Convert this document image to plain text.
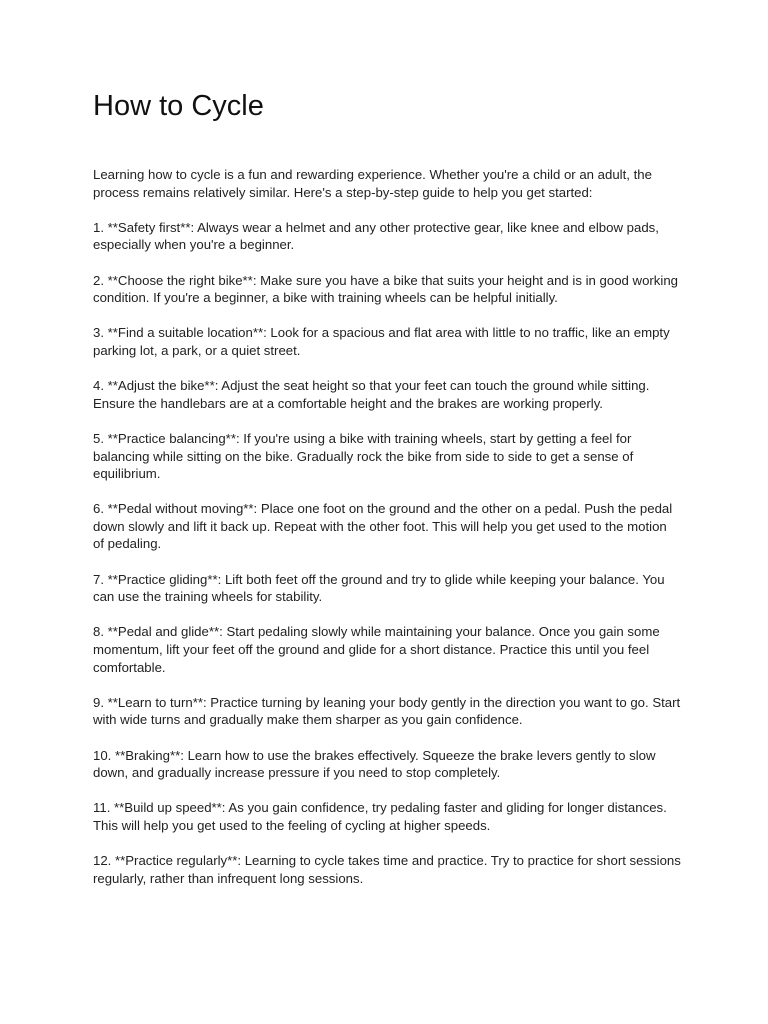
How to Cycle

Learning how to cycle is a fun and rewarding experience. Whether you're a child or an adult, the process remains relatively similar. Here's a step-by-step guide to help you get started:

1. **Safety first**: Always wear a helmet and any other protective gear, like knee and elbow pads, especially when you're a beginner.

2. **Choose the right bike**: Make sure you have a bike that suits your height and is in good working condition. If you're a beginner, a bike with training wheels can be helpful initially.

3. **Find a suitable location**: Look for a spacious and flat area with little to no traffic, like an empty parking lot, a park, or a quiet street.

4. **Adjust the bike**: Adjust the seat height so that your feet can touch the ground while sitting. Ensure the handlebars are at a comfortable height and the brakes are working properly.

5. **Practice balancing**: If you're using a bike with training wheels, start by getting a feel for balancing while sitting on the bike. Gradually rock the bike from side to side to get a sense of equilibrium.

6. **Pedal without moving**: Place one foot on the ground and the other on a pedal. Push the pedal down slowly and lift it back up. Repeat with the other foot. This will help you get used to the motion of pedaling.

7. **Practice gliding**: Lift both feet off the ground and try to glide while keeping your balance. You can use the training wheels for stability.

8. **Pedal and glide**: Start pedaling slowly while maintaining your balance. Once you gain some momentum, lift your feet off the ground and glide for a short distance. Practice this until you feel comfortable.

9. **Learn to turn**: Practice turning by leaning your body gently in the direction you want to go. Start with wide turns and gradually make them sharper as you gain confidence.

10. **Braking**: Learn how to use the brakes effectively. Squeeze the brake levers gently to slow down, and gradually increase pressure if you need to stop completely.

11. **Build up speed**: As you gain confidence, try pedaling faster and gliding for longer distances. This will help you get used to the feeling of cycling at higher speeds.

12. **Practice regularly**: Learning to cycle takes time and practice. Try to practice for short sessions regularly, rather than infrequent long sessions.
